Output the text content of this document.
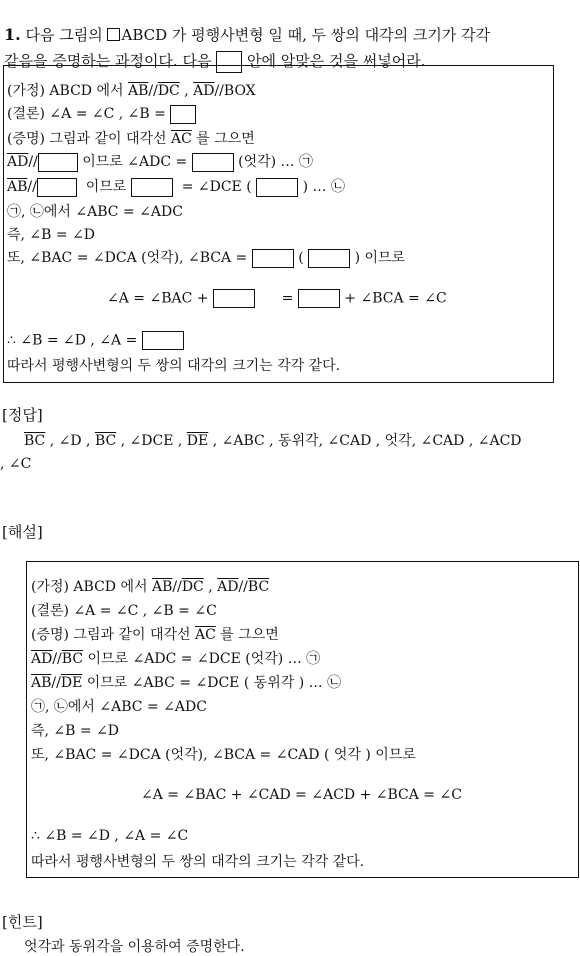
1. 다음 그림의 ABCD 가 평행사변형 일 때, 두 쌍의 대각의 크기가 각각
같음을 증명하는 과정이다. 다음 안에 알맞은 것을 써넣어라.
(가정) ABCD 에서 $\overline{AB}//\overline{DC}$ , $\overline{AD}/$/BOX
(결론) ∠A = ∠C , ∠B =
(증명) 그림과 같이 대각선 $\overline{AC}$ 를 그으면
$\overline{AD}//$	이므로 ∠ADC =	(엇각) … ㉠
$\overline{AB}//$	이므로	= ∠DCE (	) … ㉡
㉠, ㉡에서 ∠ABC = ∠ADC
즉, ∠B = ∠D
또, ∠BAC = ∠DCA (엇각), ∠BCA =	(	) 이므로
∠A = ∠BAC +	=	+ ∠BCA = ∠C
∴ ∠B = ∠D , ∠A =
따라서 평행사변형의 두 쌍의 대각의 크기는 각각 같다.
[정답]
$\overline{BC}$ , ∠D , $\overline{BC}$ , ∠DCE , $\overline{DE}$ , ∠ABC , 동위각, ∠CAD , 엇각, ∠CAD , ∠ACD
, ∠C
[해설]
(가정) ABCD 에서 $\overline{AB}//\overline{DC}$ , $\overline{AD}//\overline{BC}$
(결론) ∠A = ∠C , ∠B = ∠C
(증명) 그림과 같이 대각선 $\overline{AC}$ 를 그으면
$\overline{AD}//\overline{BC}$ 이므로 ∠ADC = ∠DCE (엇각) … ㉠
$\overline{AB}//\overline{DE}$ 이므로 ∠ABC = ∠DCE ( 동위각 ) … ㉡
㉠, ㉡에서 ∠ABC = ∠ADC
즉, ∠B = ∠D
또, ∠BAC = ∠DCA (엇각), ∠BCA = ∠CAD ( 엇각 ) 이므로
∠A = ∠BAC + ∠CAD = ∠ACD + ∠BCA = ∠C
∴ ∠B = ∠D , ∠A = ∠C
따라서 평행사변형의 두 쌍의 대각의 크기는 각각 같다.
[힌트]
엇각과 동위각을 이용하여 증명한다.
